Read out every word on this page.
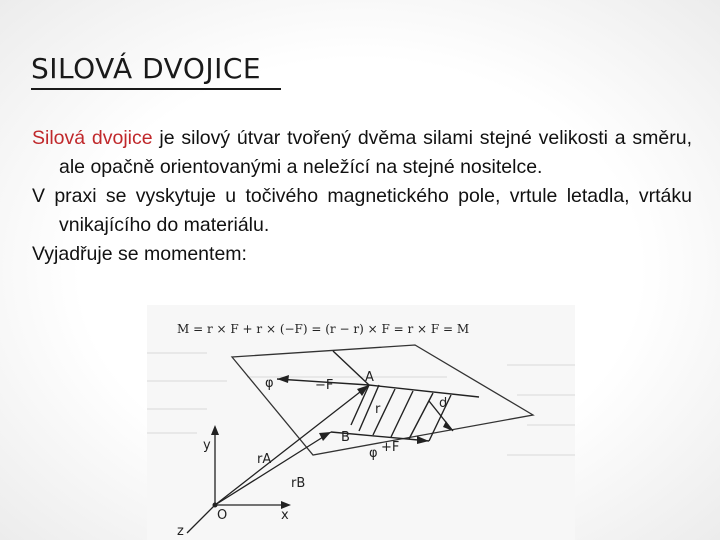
SILOVÁ DVOJICE

Silová dvojice je silový útvar tvořený dvěma silami stejné velikosti a směru, ale opačně orientovanými a neležící na stejné nositelce.

V praxi se vyskytuje u točivého magnetického pole, vrtule letadla, vrtáku vnikajícího do materiálu.

Vyjadřuje se momentem:

M = r × F + r × (−F) = (r − r) × F = r × F = M
φ	−F
A
r	d
B
φ +F
rA
rB
y
x
z
O
